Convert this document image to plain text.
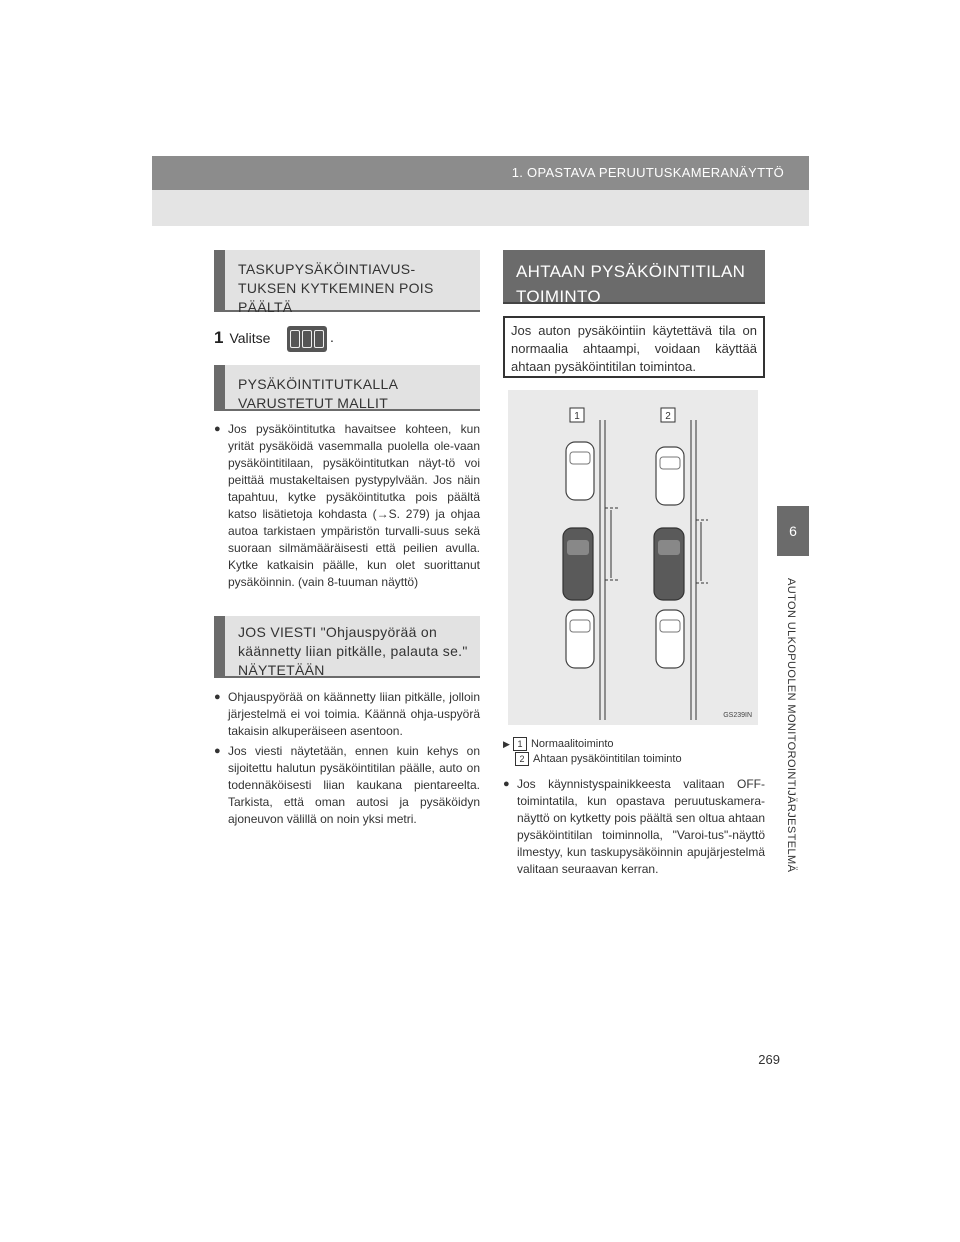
1. OPASTAVA PERUUTUSKAMERANÄYTTÖ
6
AUTON ULKOPUOLEN MONITOROINTIJÄRJESTELMÄ
TASKUPYSÄKÖINTIAVUS-TUKSEN KYTKEMINEN POIS PÄÄLTÄ
1 Valitse	.
PYSÄKÖINTITUTKALLA VARUSTETUT MALLIT
● Jos pysäköintitutka havaitsee kohteen, kun yrität pysäköidä vasemmalla puolella ole-vaan pysäköintitilaan, pysäköintitutkan näyt-tö voi peittää mustakeltaisen pystypylvään. Jos näin tapahtuu, kytke pysäköintitutka pois päältä katso lisätietoja kohdasta (→S. 279) ja ohjaa autoa tarkistaen ympäristön turvalli-suus sekä suoraan silmämääräisesti että peilien avulla. Kytke katkaisin päälle, kun olet suorittanut pysäköinnin. (vain 8-tuuman näyttö)
JOS VIESTI "Ohjauspyörää on käännetty liian pitkälle, palauta se." NÄYTETÄÄN
● Ohjauspyörää on käännetty liian pitkälle, jolloin järjestelmä ei voi toimia. Käännä ohja-uspyörä takaisin alkuperäiseen asentoon.
● Jos viesti näytetään, ennen kuin kehys on sijoitettu halutun pysäköintitilan päälle, auto on todennäköisesti liian kaukana pientareelta. Tarkista, että oman autosi ja pysäköidyn ajoneuvon välillä on noin yksi metri.
AHTAAN PYSÄKÖINTITILAN TOIMINTO
Jos auton pysäköintiin käytettävä tila on normaalia ahtaampi, voidaan käyttää ahtaan pysäköintitilan toimintoa.
1	2
GS239IN
▶ 1 Normaalitoiminto
2 Ahtaan pysäköintitilan toiminto
● Jos käynnistyspainikkeesta valitaan OFF-toimintatila, kun opastava peruutuskamera-näyttö on kytketty pois päältä sen oltua ahtaan pysäköintitilan toiminnolla, "Varoi-tus"-näyttö ilmestyy, kun taskupysäköinnin apujärjestelmä valitaan seuraavan kerran.
269
